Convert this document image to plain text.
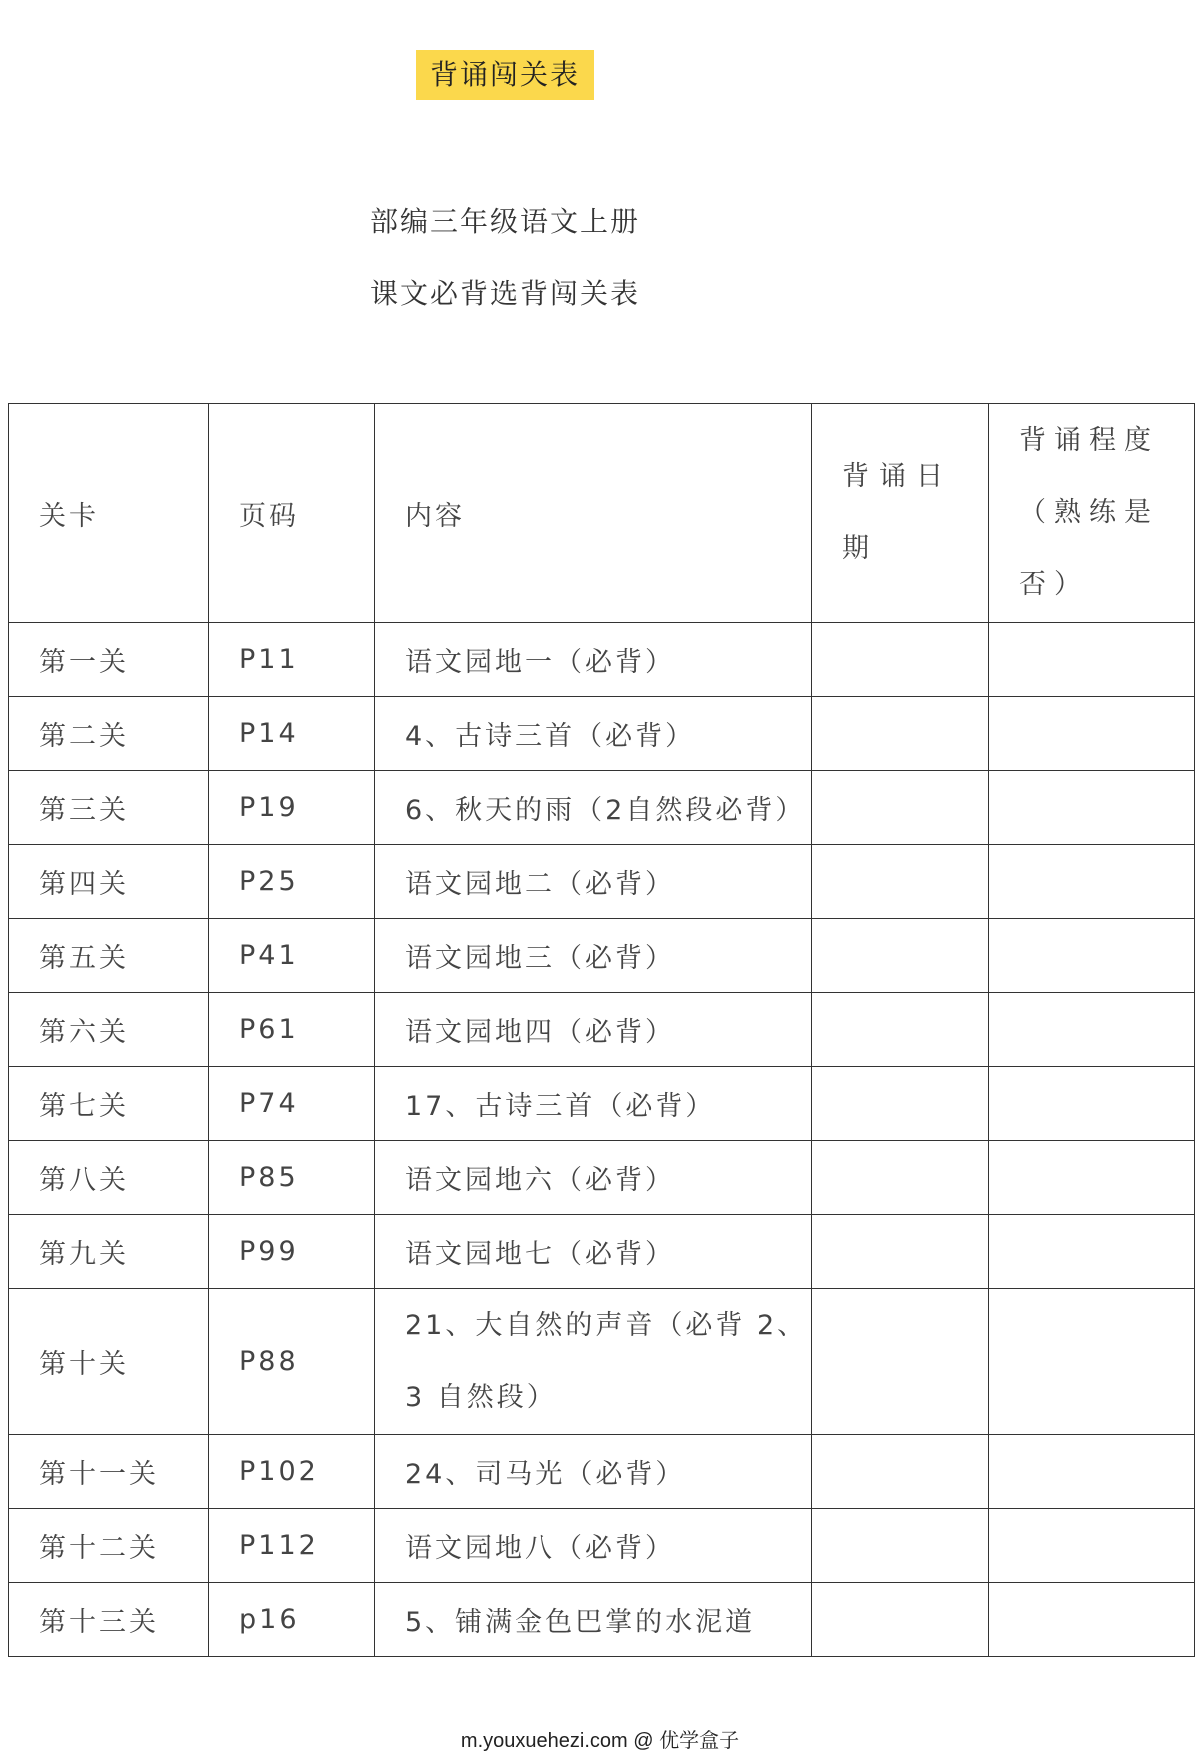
背诵闯关表
部编三年级语文上册
课文必背选背闯关表
关卡	页码	内容	背诵日期	背诵程度（熟练是否）

第一关	P11	语文园地一（必背）		
第二关	P14	4、古诗三首（必背）		
第三关	P19	6、秋天的雨（2自然段必背）		
第四关	P25	语文园地二（必背）		
第五关	P41	语文园地三（必背）		
第六关	P61	语文园地四（必背）		
第七关	P74	17、古诗三首（必背）		
第八关	P85	语文园地六（必背）		
第九关	P99	语文园地七（必背）		
第十关	P88	21、大自然的声音（必背 2、3 自然段）		
第十一关	P102	24、司马光（必背）		
第十二关	P112	语文园地八（必背）		
第十三关	p16	5、铺满金色巴掌的水泥道		
m.youxuehezi.com @ 优学盒子
